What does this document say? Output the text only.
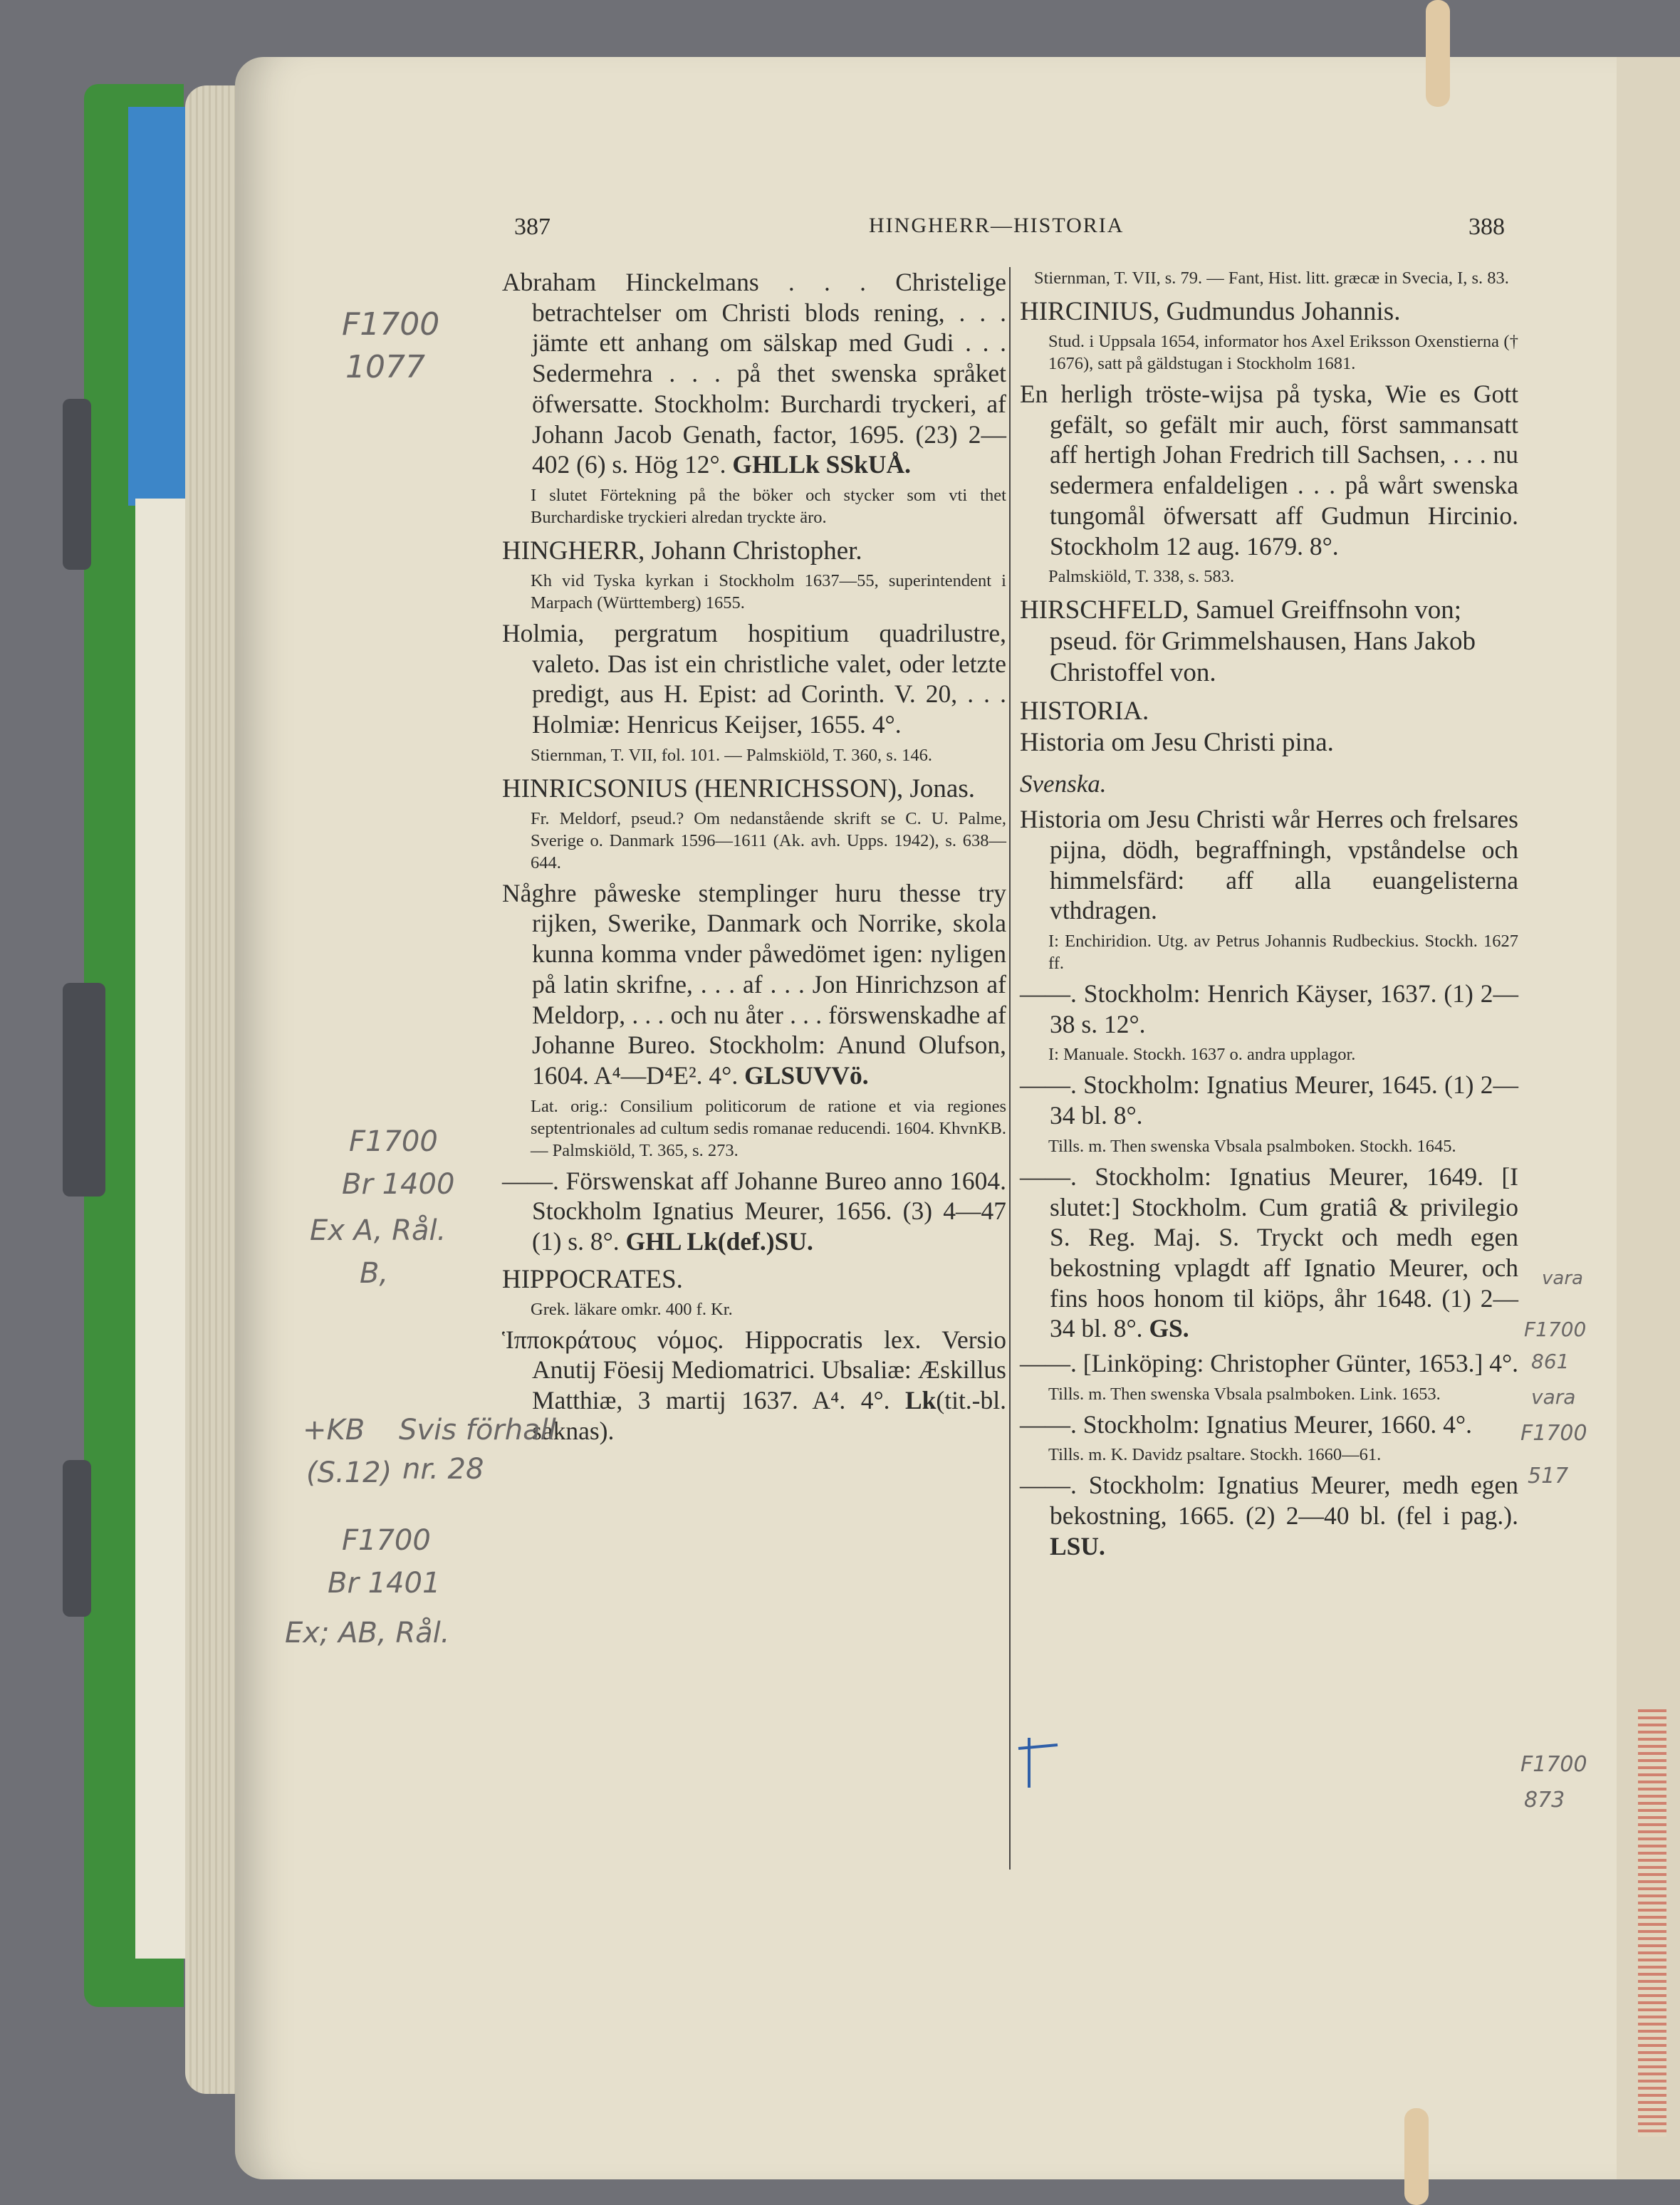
387	HINGHERR—HISTORIA	388

Abraham Hinckelmans . . . Christelige betrachtelser om Christi blods rening, . . . jämte ett anhang om sälskap med Gudi . . . Sedermehra . . . på thet swenska språket öfwersatte. Stockholm: Burchardi tryckeri, af Johann Jacob Genath, factor, 1695. (23) 2—402 (6) s. Hög 12°. GHLLk SSkUÅ.

I slutet Förtekning på the böker och stycker som vti thet Burchardiske tryckieri alredan tryckte äro.

HINGHERR, Johann Christopher.

Kh vid Tyska kyrkan i Stockholm 1637—55, superintendent i Marpach (Württemberg) 1655.

Holmia, pergratum hospitium quadrilustre, valeto. Das ist ein christliche valet, oder letzte predigt, aus H. Epist: ad Corinth. V. 20, . . . Holmiæ: Henricus Keijser, 1655. 4°.

Stiernman, T. VII, fol. 101. — Palmskiöld, T. 360, s. 146.

HINRICSONIUS (HENRICHSSON), Jonas.

Fr. Meldorf, pseud.? Om nedanstående skrift se C. U. Palme, Sverige o. Danmark 1596—1611 (Ak. avh. Upps. 1942), s. 638—644.

Någhre påweske stemplinger huru thesse try rijken, Swerike, Danmark och Norrike, skola kunna komma vnder påwedömet igen: nyligen på latin skrifne, . . . af . . . Jon Hinrichzson af Meldorp, . . . och nu åter . . . förswenskadhe af Johanne Bureo. Stockholm: Anund Olufson, 1604. A⁴—D⁴E². 4°. GLSUVVö.

Lat. orig.: Consilium politicorum de ratione et via regiones septentrionales ad cultum sedis romanae reducendi. 1604. KhvnKB. — Palmskiöld, T. 365, s. 273.

——. Förswenskat aff Johanne Bureo anno 1604. Stockholm Ignatius Meurer, 1656. (3) 4—47 (1) s. 8°. GHL Lk(def.)SU.

HIPPOCRATES.

Grek. läkare omkr. 400 f. Kr.

Ἱπποκράτους νόμος. Hippocratis lex. Versio Anutij Föesij Mediomatrici. Ubsaliæ: Æskillus Matthiæ, 3 martij 1637. A⁴. 4°. Lk(tit.-bl. saknas).

Stiernman, T. VII, s. 79. — Fant, Hist. litt. græcæ in Svecia, I, s. 83.

HIRCINIUS, Gudmundus Johannis.

Stud. i Uppsala 1654, informator hos Axel Eriksson Oxenstierna († 1676), satt på gäldstugan i Stockholm 1681.

En herligh tröste-wijsa på tyska, Wie es Gott gefält, so gefält mir auch, först sammansatt aff hertigh Johan Fredrich till Sachsen, . . . nu sedermera enfaldeligen . . . på wårt swenska tungomål öfwersatt aff Gudmun Hircinio. Stockholm 12 aug. 1679. 8°.

Palmskiöld, T. 338, s. 583.

HIRSCHFELD, Samuel Greiffnsohn von; pseud. för Grimmelshausen, Hans Jakob Christoffel von.

HISTORIA.

Historia om Jesu Christi pina.

Svenska.

Historia om Jesu Christi wår Herres och frelsares pijna, dödh, begraffningh, vpståndelse och himmelsfärd: aff alla euangelisterna vthdragen.

I: Enchiridion. Utg. av Petrus Johannis Rudbeckius. Stockh. 1627 ff.

——. Stockholm: Henrich Käyser, 1637. (1) 2—38 s. 12°.

I: Manuale. Stockh. 1637 o. andra upplagor.

——. Stockholm: Ignatius Meurer, 1645. (1) 2—34 bl. 8°.

Tills. m. Then swenska Vbsala psalmboken. Stockh. 1645.

——. Stockholm: Ignatius Meurer, 1649. [I slutet:] Stockholm. Cum gratiâ & privilegio S. Reg. Maj. S. Tryckt och medh egen bekostning vplagdt aff Ignatio Meurer, och fins hoos honom til kiöps, åhr 1648. (1) 2—34 bl. 8°. GS.

——. [Linköping: Christopher Günter, 1653.] 4°.

Tills. m. Then swenska Vbsala psalmboken. Link. 1653.

——. Stockholm: Ignatius Meurer, 1660. 4°.

Tills. m. K. Davidz psaltare. Stockh. 1660—61.

——. Stockholm: Ignatius Meurer, medh egen bekostning, 1665. (2) 2—40 bl. (fel i pag.). LSU.

F1700
1077
F1700
Br 1400
Ex A, Rål.
B,
+KB
(S.12)
Svis förhall
nr. 28
F1700
Br 1401
Ex; AB, Rål.
vara
F1700
861
vara
F1700
517
F1700
873
